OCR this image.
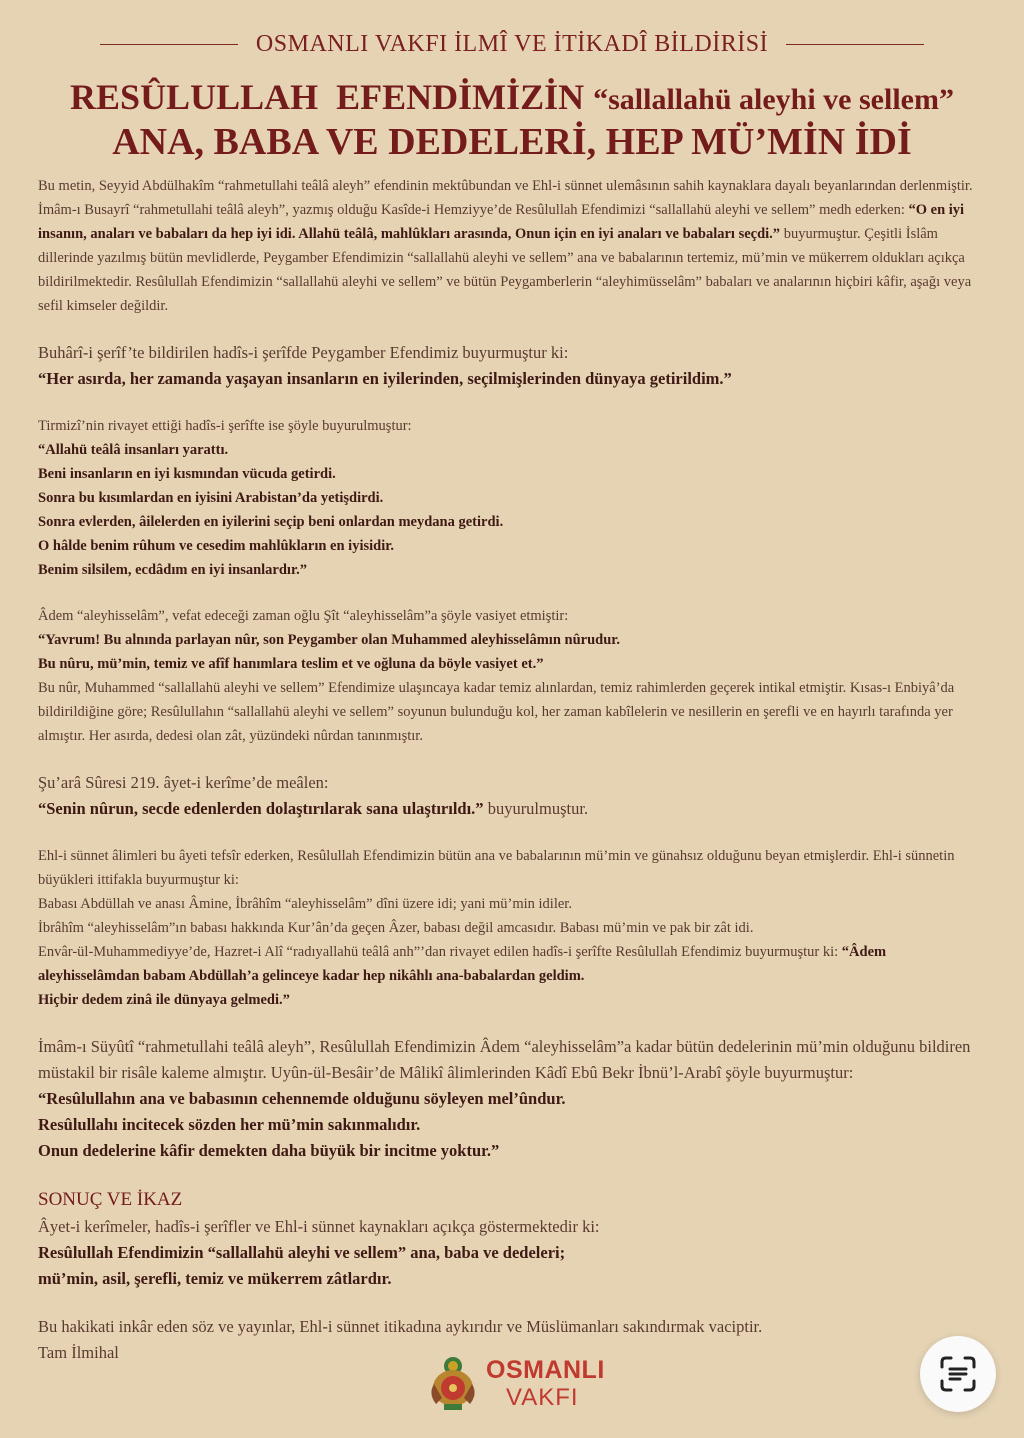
OSMANLI VAKFI İLMÎ VE İTİKADÎ BİLDİRİSİ
RESÛLULLAH  EFENDİMİZİN “sallallahü aleyhi ve sellem”
ANA, BABA VE DEDELERİ, HEP MÜ’MİN İDİ

Bu metin, Seyyid Abdülhakîm “rahmetullahi teâlâ aleyh” efendinin mektûbundan ve Ehl-i sünnet ulemâsının sahih kaynaklara dayalı beyanlarından derlenmiştir. İmâm-ı Busayrî “rahmetullahi teâlâ aleyh”, yazmış olduğu Kasîde-i Hemziyye’de Resûlullah Efendimizi “sallallahü aleyhi ve sellem” medh ederken: “O en iyi insanın, anaları ve babaları da hep iyi idi. Allahü teâlâ, mahlûkları arasında, Onun için en iyi anaları ve babaları seçdi.” buyurmuştur. Çeşitli İslâm dillerinde yazılmış bütün mevlidlerde, Peygamber Efendimizin “sallallahü aleyhi ve sellem” ana ve babalarının tertemiz, mü’min ve mükerrem oldukları açıkça bildirilmektedir. Resûlullah Efendimizin “sallallahü aleyhi ve sellem” ve bütün Peygamberlerin “aleyhimüsselâm” babaları ve analarının hiçbiri kâfir, aşağı veya sefil kimseler değildir.

Buhârî-i şerîf’te bildirilen hadîs-i şerîfde Peygamber Efendimiz buyurmuştur ki:

“Her asırda, her zamanda yaşayan insanların en iyilerinden, seçilmişlerinden dünyaya getirildim.”

Tirmizî’nin rivayet ettiği hadîs-i şerîfte ise şöyle buyurulmuştur:

“Allahü teâlâ insanları yarattı.

Beni insanların en iyi kısmından vücuda getirdi.

Sonra bu kısımlardan en iyisini Arabistan’da yetişdirdi.

Sonra evlerden, âilelerden en iyilerini seçip beni onlardan meydana getirdi.

O hâlde benim rûhum ve cesedim mahlûkların en iyisidir.

Benim silsilem, ecdâdım en iyi insanlardır.”

Âdem “aleyhisselâm”, vefat edeceği zaman oğlu Şît “aleyhisselâm”a şöyle vasiyet etmiştir:

“Yavrum! Bu alnında parlayan nûr, son Peygamber olan Muhammed aleyhisselâmın nûrudur.

Bu nûru, mü’min, temiz ve afîf hanımlara teslim et ve oğluna da böyle vasiyet et.”

Bu nûr, Muhammed “sallallahü aleyhi ve sellem” Efendimize ulaşıncaya kadar temiz alınlardan, temiz rahimlerden geçerek intikal etmiştir. Kısas-ı Enbiyâ’da bildirildiğine göre; Resûlullahın “sallallahü aleyhi ve sellem” soyunun bulunduğu kol, her zaman kabîlelerin ve nesillerin en şerefli ve en hayırlı tarafında yer almıştır. Her asırda, dedesi olan zât, yüzündeki nûrdan tanınmıştır.

Şu’arâ Sûresi 219. âyet-i kerîme’de meâlen:

“Senin nûrun, secde edenlerden dolaştırılarak sana ulaştırıldı.” buyurulmuştur.

Ehl-i sünnet âlimleri bu âyeti tefsîr ederken, Resûlullah Efendimizin bütün ana ve babalarının mü’min ve günahsız olduğunu beyan etmişlerdir. Ehl-i sünnetin büyükleri ittifakla buyurmuştur ki:

Babası Abdüllah ve anası Âmine, İbrâhîm “aleyhisselâm” dîni üzere idi; yani mü’min idiler.

İbrâhîm “aleyhisselâm”ın babası hakkında Kur’ân’da geçen Âzer, babası değil amcasıdır. Babası mü’min ve pak bir zât idi.

Envâr-ül-Muhammediyye’de, Hazret-i Alî “radıyallahü teâlâ anh”’dan rivayet edilen hadîs-i şerîfte Resûlullah Efendimiz buyurmuştur ki: “Âdem aleyhisselâmdan babam Abdüllah’a gelinceye kadar hep nikâhlı ana-babalardan geldim.

Hiçbir dedem zinâ ile dünyaya gelmedi.”

İmâm-ı Süyûtî “rahmetullahi teâlâ aleyh”, Resûlullah Efendimizin Âdem “aleyhisselâm”a kadar bütün dedelerinin mü’min olduğunu bildiren müstakil bir risâle kaleme almıştır. Uyûn-ül-Besâir’de Mâlikî âlimlerinden Kâdî Ebû Bekr İbnü’l-Arabî şöyle buyurmuştur:

“Resûlullahın ana ve babasının cehennemde olduğunu söyleyen mel’ûndur.

Resûlullahı incitecek sözden her mü’min sakınmalıdır.

Onun dedelerine kâfir demekten daha büyük bir incitme yoktur.”

SONUÇ VE İKAZ

Âyet-i kerîmeler, hadîs-i şerîfler ve Ehl-i sünnet kaynakları açıkça göstermektedir ki:

Resûlullah Efendimizin “sallallahü aleyhi ve sellem” ana, baba ve dedeleri;

mü’min, asil, şerefli, temiz ve mükerrem zâtlardır.

Bu hakikati inkâr eden söz ve yayınlar, Ehl-i sünnet itikadına aykırıdır ve Müslümanları sakındırmak vaciptir.

Tam İlmihal

OSMANLI
VAKFI
